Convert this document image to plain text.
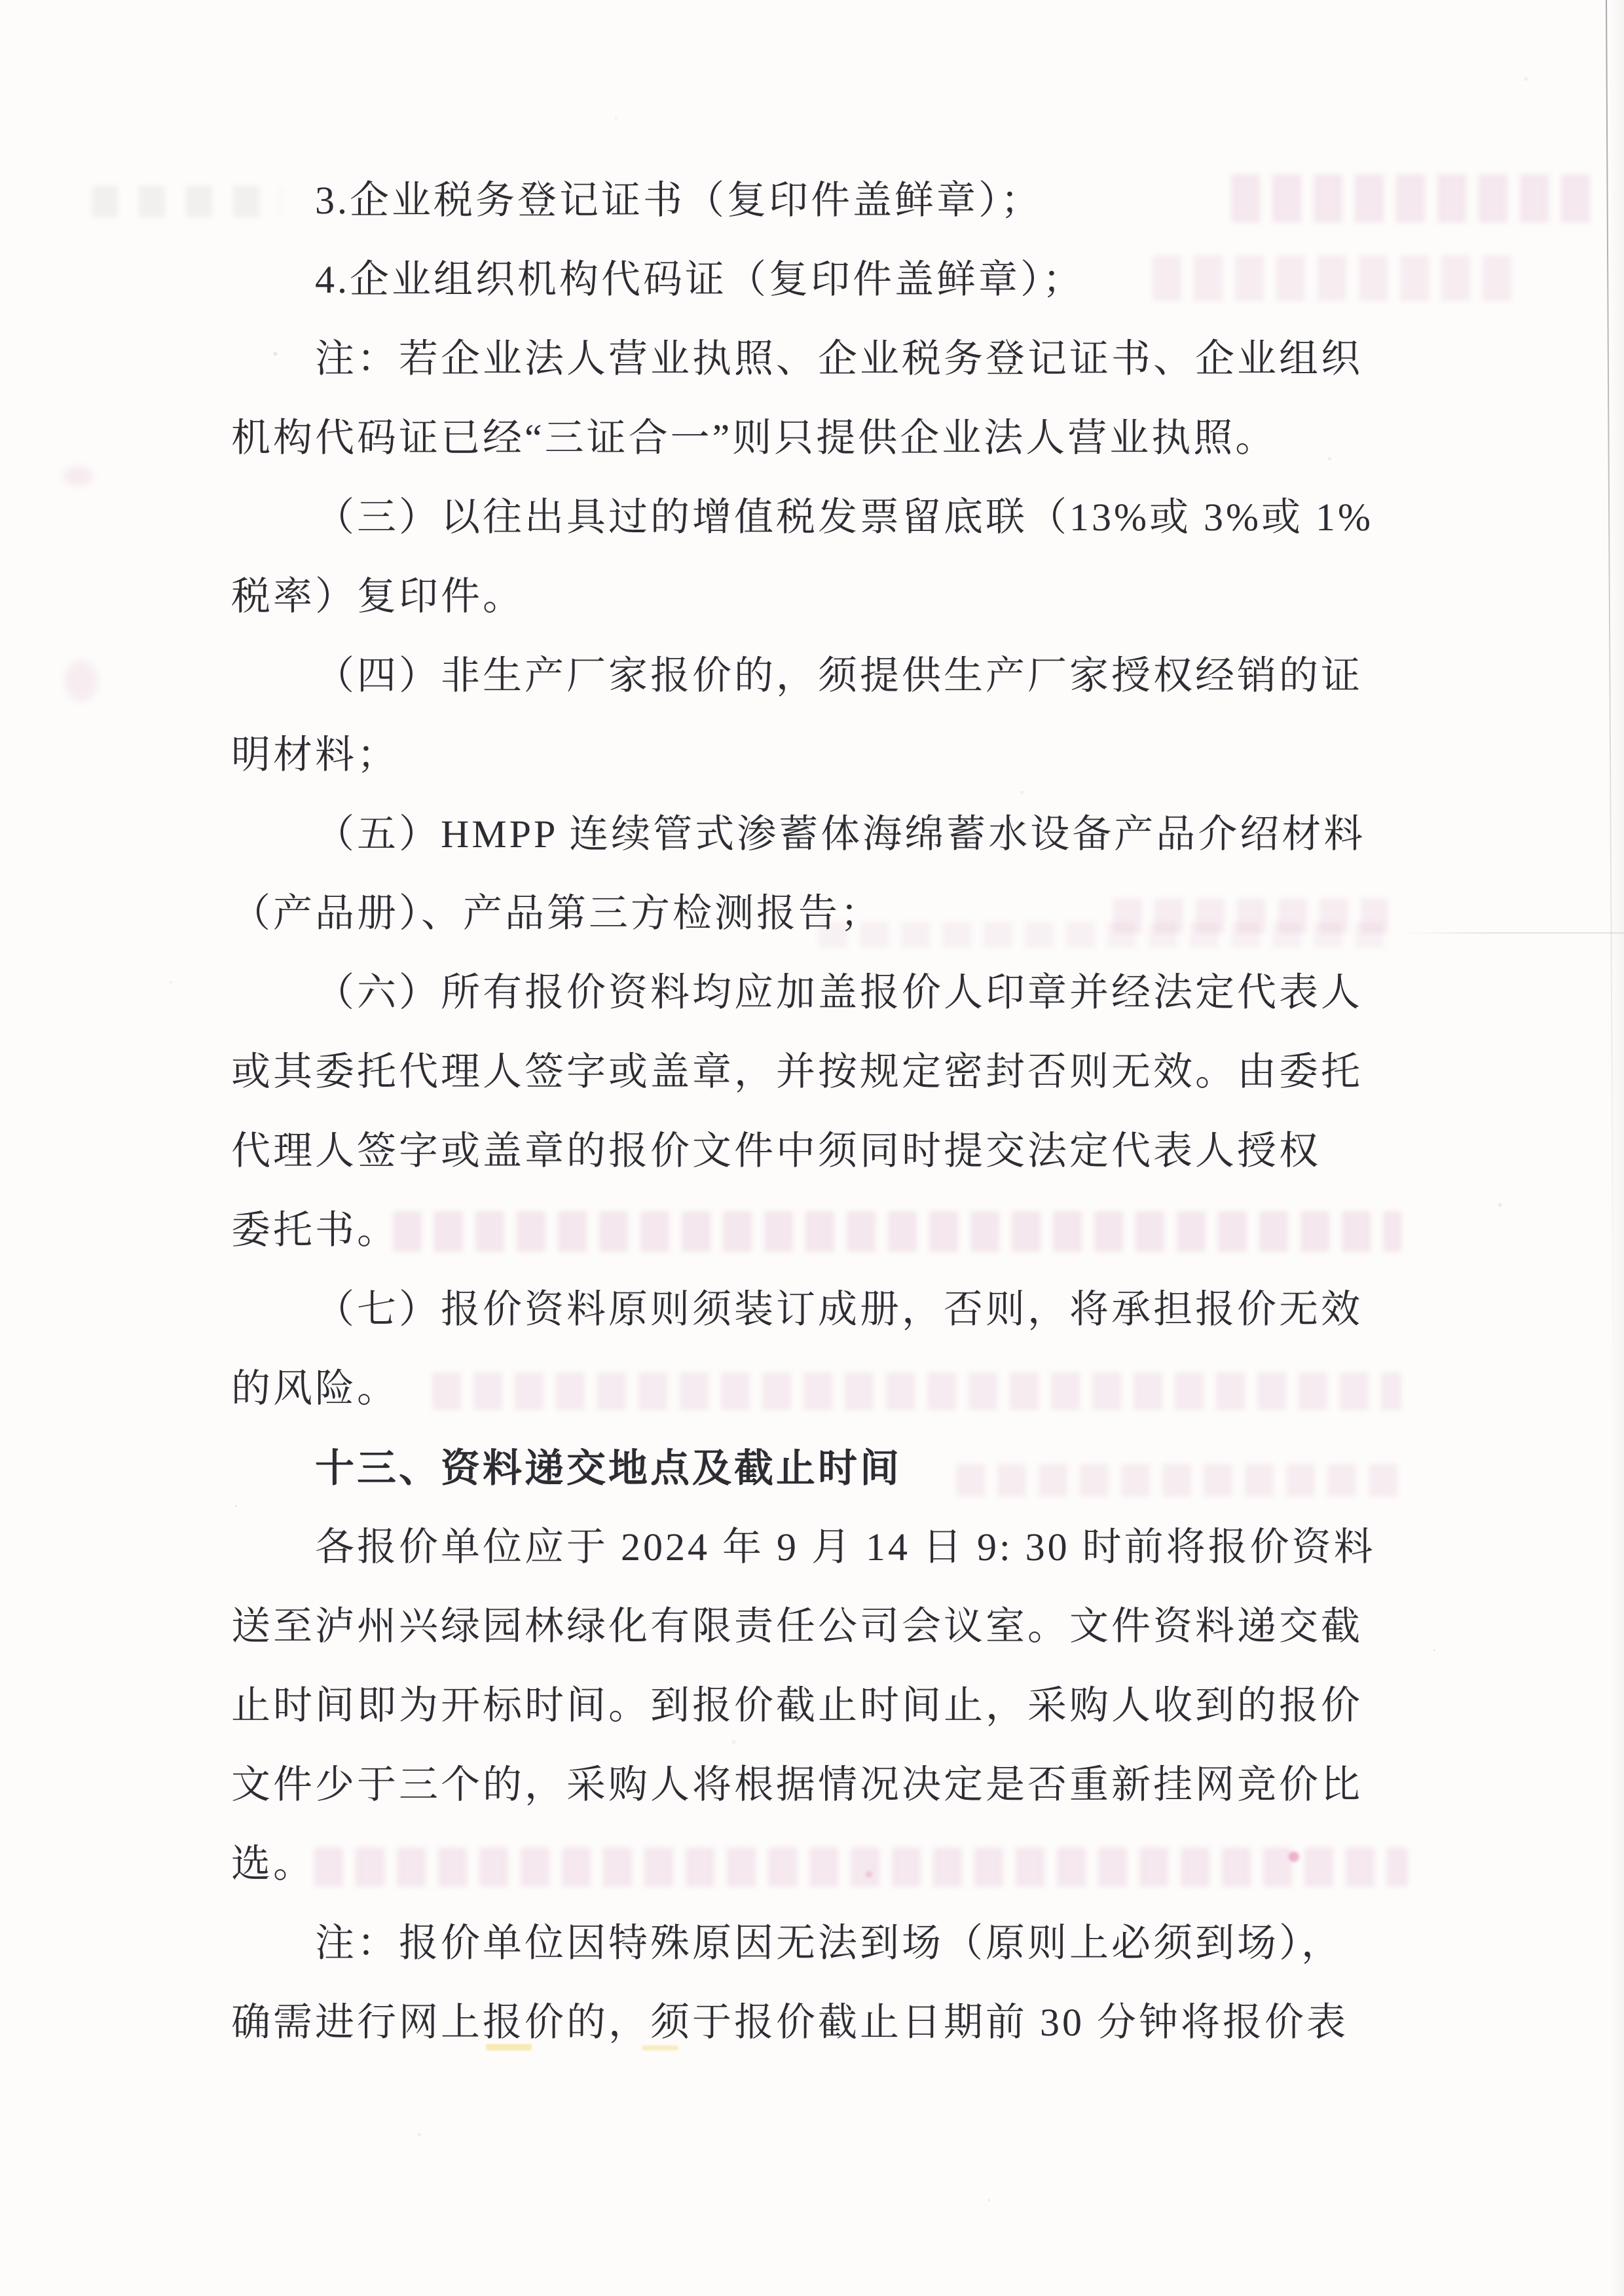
3.企业税务登记证书（复印件盖鲜章）；
4.企业组织机构代码证（复印件盖鲜章）；
注：若企业法人营业执照、企业税务登记证书、企业组织
机构代码证已经“三证合一”则只提供企业法人营业执照。
（三）以往出具过的增值税发票留底联（13%或 3%或 1%
税率）复印件。
（四）非生产厂家报价的，须提供生产厂家授权经销的证
明材料；
（五）HMPP 连续管式渗蓄体海绵蓄水设备产品介绍材料
（产品册）、产品第三方检测报告；
（六）所有报价资料均应加盖报价人印章并经法定代表人
或其委托代理人签字或盖章，并按规定密封否则无效。由委托
代理人签字或盖章的报价文件中须同时提交法定代表人授权
委托书。
（七）报价资料原则须装订成册，否则，将承担报价无效
的风险。
十三、资料递交地点及截止时间
各报价单位应于 2024 年 9 月 14 日 9: 30 时前将报价资料
送至泸州兴绿园林绿化有限责任公司会议室。文件资料递交截
止时间即为开标时间。到报价截止时间止，采购人收到的报价
文件少于三个的，采购人将根据情况决定是否重新挂网竞价比
选。
注：报价单位因特殊原因无法到场（原则上必须到场），
确需进行网上报价的，须于报价截止日期前 30 分钟将报价表
